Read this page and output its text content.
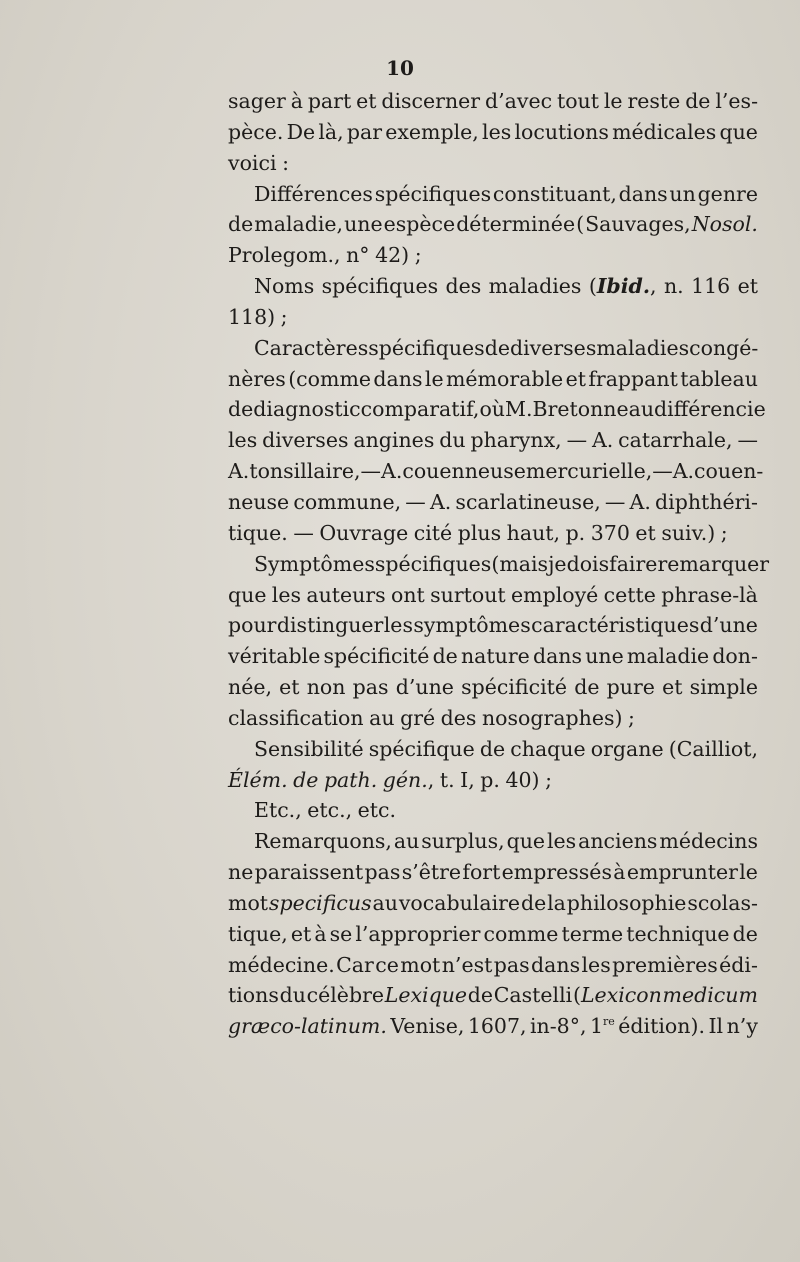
10
sager à part et discerner d’avec tout le reste de l’es-
pèce. De là, par exemple, les locutions médicales que
voici :
Différences spécifiques constituant, dans un genre
de maladie, une espèce déterminée ( Sauvages, Nosol.
Prolegom., n° 42) ;
Noms spécifiques des maladies (Ibid., n. 116 et
118) ;
Caractères spécifiques de diverses maladies congé-
nères (comme dans le mémorable et frappant tableau
de diagnostic comparatif, où M. Bretonneau différencie
les diverses angines du pharynx, — A. catarrhale, —
A. tonsillaire,—A. couenneuse mercurielle,—A. couen-
neuse commune, — A. scarlatineuse, — A. diphthéri-
tique. — Ouvrage cité plus haut, p. 370 et suiv.) ;
Symptômes spécifiques (mais je dois faire remarquer
que les auteurs ont surtout employé cette phrase-là
pour distinguer les symptômes caractéristiques d’une
véritable spécificité de nature dans une maladie don-
née, et non pas d’une spécificité de pure et simple
classification au gré des nosographes) ;
Sensibilité spécifique de chaque organe (Cailliot,
Élém. de path. gén., t. I, p. 40) ;
Etc., etc., etc.
Remarquons, au surplus, que les anciens médecins
ne paraissent pas s’être fort empressés à emprunter le
mot specificus au vocabulaire de la philosophie scolas-
tique, et à se l’approprier comme terme technique de
médecine. Car ce mot n’est pas dans les premières édi-
tions du célèbre Lexique de Castelli (Lexicon medicum
græco-latinum. Venise, 1607, in-8°, 1re édition). Il n’y
